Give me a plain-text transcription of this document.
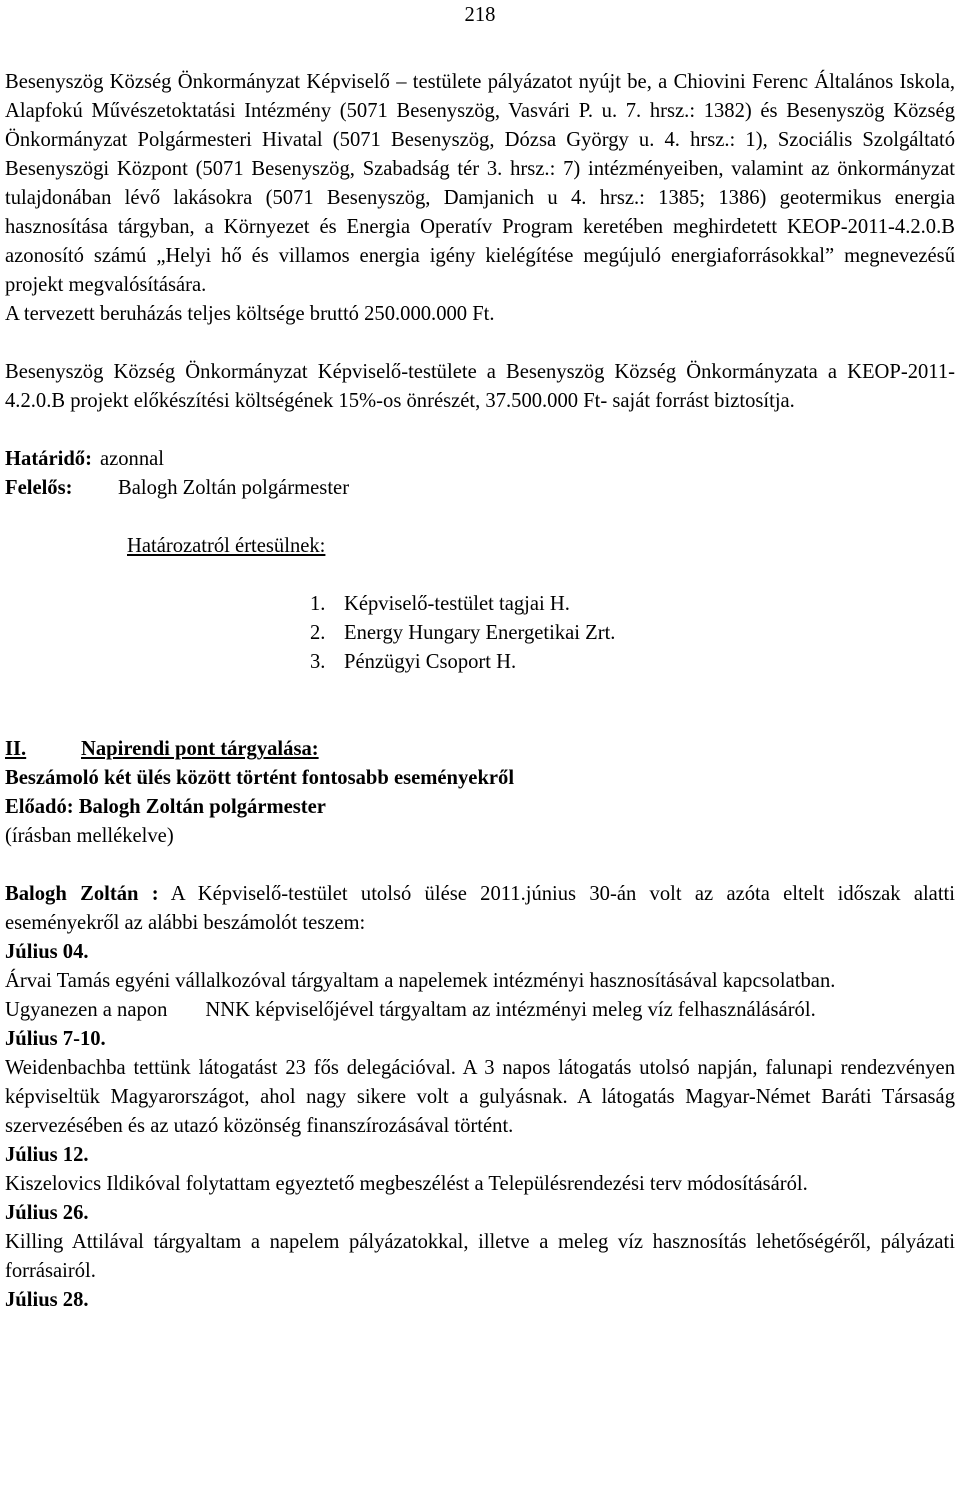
218

Besenyszög Község Önkormányzat Képviselő – testülete pályázatot nyújt be, a Chiovini Ferenc Általános Iskola, Alapfokú Művészetoktatási Intézmény (5071 Besenyszög, Vasvári P. u. 7. hrsz.: 1382) és Besenyszög Község Önkormányzat Polgármesteri Hivatal (5071 Besenyszög, Dózsa György u. 4. hrsz.: 1), Szociális Szolgáltató Besenyszögi Központ (5071 Besenyszög, Szabadság tér 3. hrsz.: 7) intézményeiben, valamint az önkormányzat tulajdonában lévő lakásokra (5071 Besenyszög, Damjanich u 4. hrsz.: 1385; 1386) geotermikus energia hasznosítása tárgyban, a Környezet és Energia Operatív Program keretében meghirdetett KEOP-2011-4.2.0.B azonosító számú „Helyi hő és villamos energia igény kielégítése megújuló energiaforrásokkal” megnevezésű projekt megvalósítására.
A tervezett beruházás teljes költsége bruttó 250.000.000 Ft.

Besenyszög Község Önkormányzat Képviselő-testülete a Besenyszög Község Önkormányzata a KEOP-2011-4.2.0.B projekt előkészítési költségének 15%-os önrészét, 37.500.000 Ft- saját forrást biztosítja.

Határidő: azonnal
Felelős:	Balogh Zoltán polgármester
Határozatról értesülnek:
1. Képviselő-testület tagjai H.
2. Energy Hungary Energetikai Zrt.
3. Pénzügyi Csoport H.
II.	Napirendi pont tárgyalása:
Beszámoló két ülés között történt fontosabb eseményekről
Előadó: Balogh Zoltán polgármester
(írásban mellékelve)

Balogh Zoltán : A Képviselő-testület utolsó ülése 2011.június 30-án volt az azóta eltelt időszak alatti eseményekről az alábbi beszámolót teszem:

Július 04.

Árvai Tamás egyéni vállalkozóval tárgyaltam a napelemek intézményi hasznosításával kapcsolatban.

Ugyanezen a napon NNK képviselőjével tárgyaltam az intézményi meleg víz felhasználásáról.

Július 7-10.

Weidenbachba tettünk látogatást 23 fős delegációval. A 3 napos látogatás utolsó napján, falunapi rendezvényen képviseltük Magyarországot, ahol nagy sikere volt a gulyásnak. A látogatás Magyar-Német Baráti Társaság szervezésében és az utazó közönség finanszírozásával történt.

Július 12.

Kiszelovics Ildikóval folytattam egyeztető megbeszélést a Településrendezési terv módosításáról.

Július 26.

Killing Attilával tárgyaltam a napelem pályázatokkal, illetve a meleg víz hasznosítás lehetőségéről, pályázati forrásairól.

Július 28.
